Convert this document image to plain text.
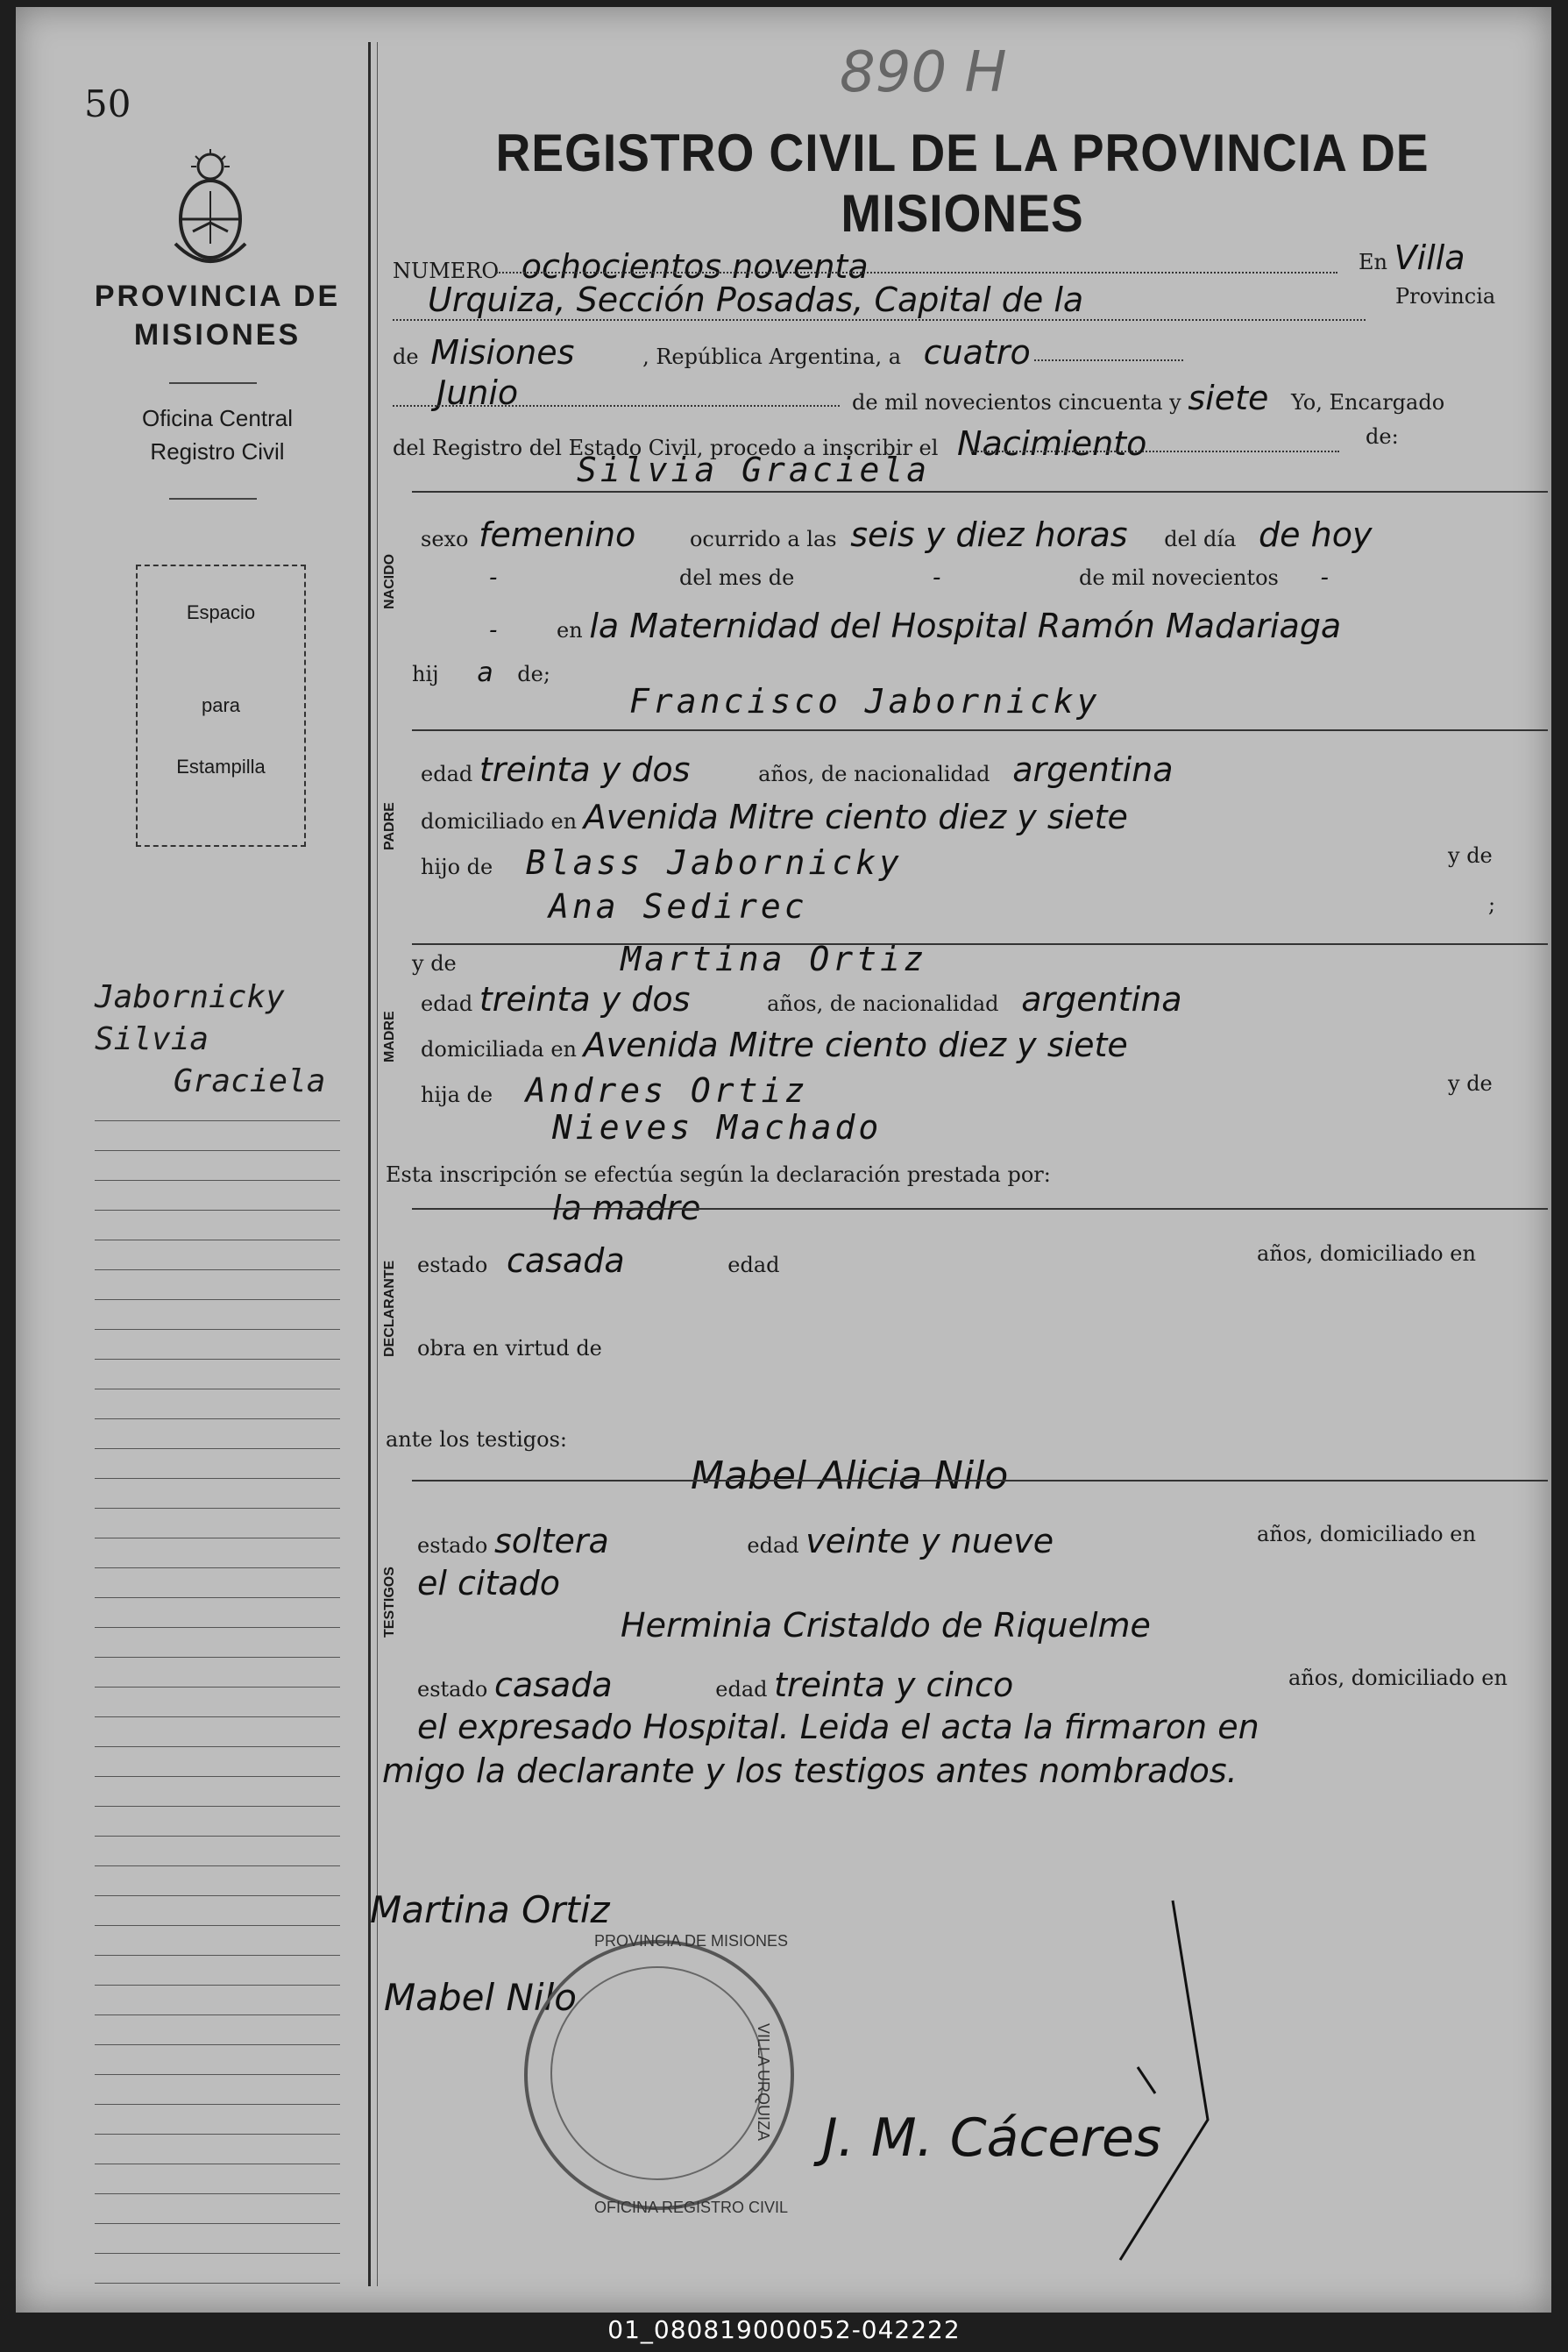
50
PROVINCIA DE
MISIONES
Oficina Central
Registro Civil
Espacio
para
Estampilla
Jabornicky
Silvia
Graciela
890 H
REGISTRO CIVIL DE LA PROVINCIA DE MISIONES
NUMERO ochocientos noventa	En Villa
Urquiza, Sección Posadas, Capital de la	Provincia
de Misiones	, República Argentina, a cuatro
Junio	de mil novecientos cincuenta y siete Yo, Encargado
del Registro del Estado Civil, procedo a inscribir el Nacimiento	de:
NACIDO
Silvia Graciela
sexo femenino	ocurrido a las seis y diez horas del día de hoy
-	del mes de	-	de mil novecientos -
-	en la Maternidad del Hospital Ramón Madariaga
hij a de;
Francisco Jabornicky
PADRE
edad treinta y dos	años, de nacionalidad argentina
domiciliado en Avenida Mitre ciento diez y siete
hijo de Blass Jabornicky	y de
Ana Sedirec	;
MADRE
y de	Martina Ortiz
edad treinta y dos	años, de nacionalidad argentina
domiciliada en Avenida Mitre ciento diez y siete
hija de Andres Ortiz	y de
Nieves Machado
Esta inscripción se efectúa según la declaración prestada por:
la madre
DECLARANTE estado casada	edad	años, domiciliado en
obra en virtud de
ante los testigos:
Mabel Alicia Nilo
TESTIGOS
estado soltera	edad veinte y nueve	años, domiciliado en
el citado
Herminia Cristaldo de Riquelme
estado casada	edad treinta y cinco	años, domiciliado en
el expresado Hospital. Leida el acta la firmaron en
migo la declarante y los testigos antes nombrados.
Martina Ortiz
Mabel Nilo
J. M. Cáceres
PROVINCIA DE MISIONES
OFICINA REGISTRO CIVIL
VILLA URQUIZA
01_080819000052-042222
